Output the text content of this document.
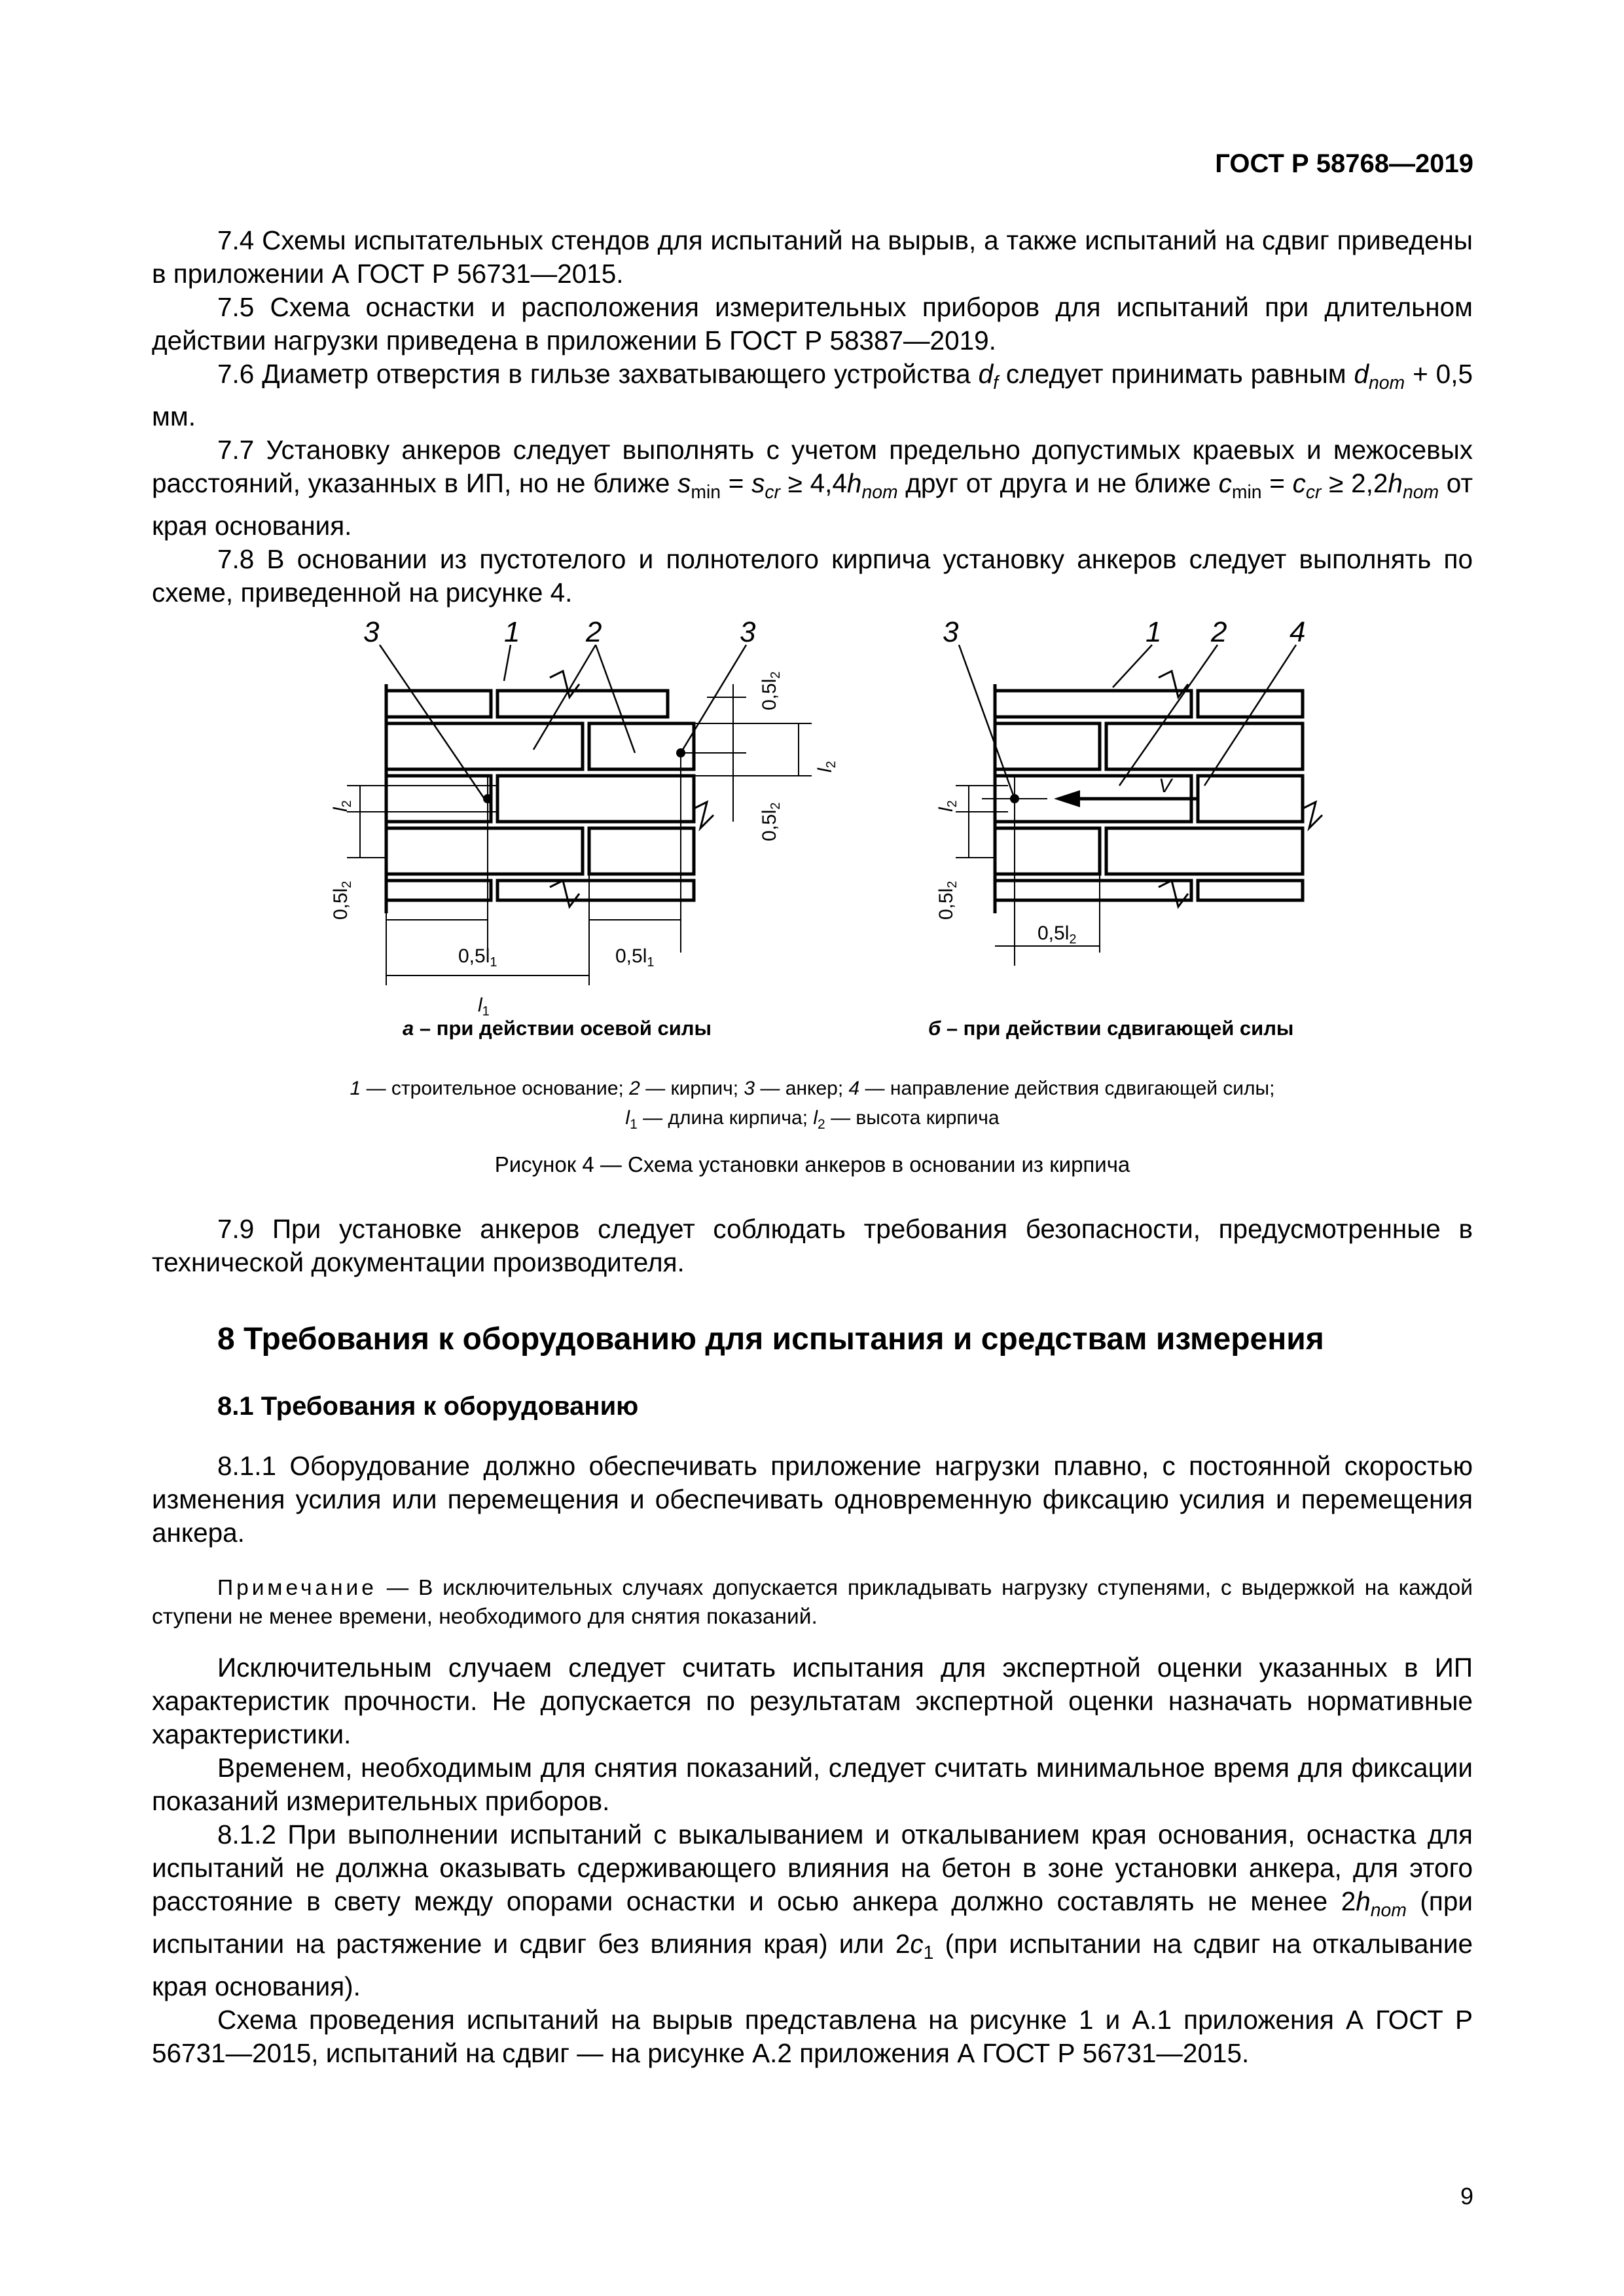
ГОСТ Р 58768—2019

7.4 Схемы испытательных стендов для испытаний на вырыв, а также испытаний на сдвиг приведены в приложении А ГОСТ Р 56731—2015.

7.5 Схема оснастки и расположения измерительных приборов для испытаний при длительном действии нагрузки приведена в приложении Б ГОСТ Р 58387—2019.

7.6 Диаметр отверстия в гильзе захватывающего устройства $d_f$ следует принимать равным $d_{nom} + 0,5$ мм.

7.7 Установку анкеров следует выполнять с учетом предельно допустимых краевых и межосевых расстояний, указанных в ИП, но не ближе $s_{min} = s_{cr} \ge 4,4h_{nom}$ друг от друга и не ближе $c_{min} = c_{cr} \ge 2,2h_{nom}$ от края основания.

7.8 В основании из пустотелого и полнотелого кирпича установку анкеров следует выполнять по схеме, приведенной на рисунке 4.

3	1 2	3	3	1 2 4
$0,5l_1$	$0,5l_1$
$l_1$
$0,5l_2$
V
$l_2$
$0,5l_2$
$0,5l_2$
$l_2$
$0,5l_2$
$l_2$
$0,5l_2$
а – при действии осевой силы	б – при действии сдвигающей силы
1 — строительное основание; 2 — кирпич; 3 — анкер; 4 — направление действия сдвигающей силы;
$l_1$ — длина кирпича; $l_2$ — высота кирпича
Рисунок 4 — Схема установки анкеров в основании из кирпича

7.9 При установке анкеров следует соблюдать требования безопасности, предусмотренные в технической документации производителя.

8 Требования к оборудованию для испытания и средствам измерения
8.1 Требования к оборудованию

8.1.1 Оборудование должно обеспечивать приложение нагрузки плавно, с постоянной скоростью изменения усилия или перемещения и обеспечивать одновременную фиксацию усилия и перемещения анкера.

Примечание — В исключительных случаях допускается прикладывать нагрузку ступенями, с выдержкой на каждой ступени не менее времени, необходимого для снятия показаний.

Исключительным случаем следует считать испытания для экспертной оценки указанных в ИП характеристик прочности. Не допускается по результатам экспертной оценки назначать нормативные характеристики.

Временем, необходимым для снятия показаний, следует считать минимальное время для фиксации показаний измерительных приборов.

8.1.2 При выполнении испытаний с выкалыванием и откалыванием края основания, оснастка для испытаний не должна оказывать сдерживающего влияния на бетон в зоне установки анкера, для этого расстояние в свету между опорами оснастки и осью анкера должно составлять не менее $2h_{nom}$ (при испытании на растяжение и сдвиг без влияния края) или $2c_1$ (при испытании на сдвиг на откалывание края основания).

Схема проведения испытаний на вырыв представлена на рисунке 1 и А.1 приложения А ГОСТ Р 56731—2015, испытаний на сдвиг — на рисунке А.2 приложения А ГОСТ Р 56731—2015.

9
